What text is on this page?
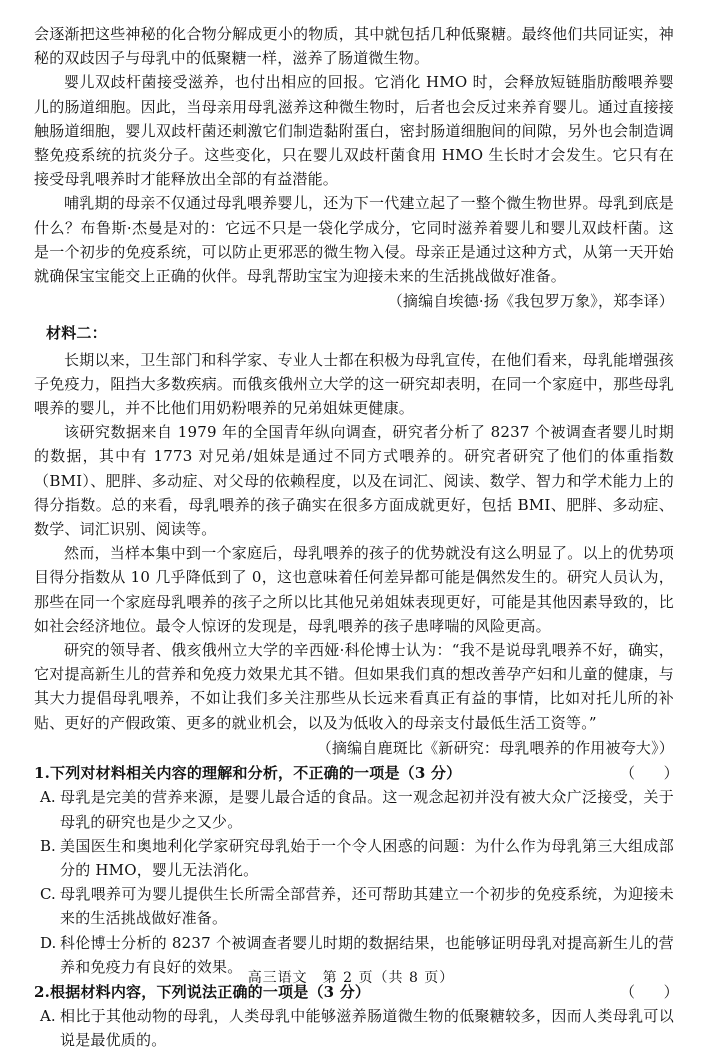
会逐渐把这些神秘的化合物分解成更小的物质，其中就包括几种低聚糖。最终他们共同证实，神秘的双歧因子与母乳中的低聚糖一样，滋养了肠道微生物。

婴儿双歧杆菌接受滋养，也付出相应的回报。它消化 HMO 时，会释放短链脂肪酸喂养婴儿的肠道细胞。因此，当母亲用母乳滋养这种微生物时，后者也会反过来养育婴儿。通过直接接触肠道细胞，婴儿双歧杆菌还刺激它们制造黏附蛋白，密封肠道细胞间的间隙，另外也会制造调整免疫系统的抗炎分子。这些变化，只在婴儿双歧杆菌食用 HMO 生长时才会发生。它只有在接受母乳喂养时才能释放出全部的有益潜能。

哺乳期的母亲不仅通过母乳喂养婴儿，还为下一代建立起了一整个微生物世界。母乳到底是什么？布鲁斯·杰曼是对的：它远不只是一袋化学成分，它同时滋养着婴儿和婴儿双歧杆菌。这是一个初步的免疫系统，可以防止更邪恶的微生物入侵。母亲正是通过这种方式，从第一天开始就确保宝宝能交上正确的伙伴。母乳帮助宝宝为迎接未来的生活挑战做好准备。

（摘编自埃德·扬《我包罗万象》，郑李译）

材料二：

长期以来，卫生部门和科学家、专业人士都在积极为母乳宣传，在他们看来，母乳能增强孩子免疫力，阻挡大多数疾病。而俄亥俄州立大学的这一研究却表明，在同一个家庭中，那些母乳喂养的婴儿，并不比他们用奶粉喂养的兄弟姐妹更健康。

该研究数据来自 1979 年的全国青年纵向调查，研究者分析了 8237 个被调查者婴儿时期的数据，其中有 1773 对兄弟/姐妹是通过不同方式喂养的。研究者研究了他们的体重指数（BMI）、肥胖、多动症、对父母的依赖程度，以及在词汇、阅读、数学、智力和学术能力上的得分指数。总的来看，母乳喂养的孩子确实在很多方面成就更好，包括 BMI、肥胖、多动症、数学、词汇识别、阅读等。

然而，当样本集中到一个家庭后，母乳喂养的孩子的优势就没有这么明显了。以上的优势项目得分指数从 10 几乎降低到了 0，这也意味着任何差异都可能是偶然发生的。研究人员认为，那些在同一个家庭母乳喂养的孩子之所以比其他兄弟姐妹表现更好，可能是其他因素导致的，比如社会经济地位。最令人惊讶的发现是，母乳喂养的孩子患哮喘的风险更高。

研究的领导者、俄亥俄州立大学的辛西娅·科伦博士认为：“我不是说母乳喂养不好，确实，它对提高新生儿的营养和免疫力效果尤其不错。但如果我们真的想改善孕产妇和儿童的健康，与其大力提倡母乳喂养，不如让我们多关注那些从长远来看真正有益的事情，比如对托儿所的补贴、更好的产假政策、更多的就业机会，以及为低收入的母亲支付最低生活工资等。”

（摘编自鹿斑比《新研究：母乳喂养的作用被夸大》）

1.下列对材料相关内容的理解和分析，不正确的一项是（3 分）	（      ）
A. 母乳是完美的营养来源，是婴儿最合适的食品。这一观念起初并没有被大众广泛接受，关于母乳的研究也是少之又少。

B. 美国医生和奥地利化学家研究母乳始于一个令人困惑的问题：为什么作为母乳第三大组成部分的 HMO，婴儿无法消化。

C. 母乳喂养可为婴儿提供生长所需全部营养，还可帮助其建立一个初步的免疫系统，为迎接未来的生活挑战做好准备。

D. 科伦博士分析的 8237 个被调查者婴儿时期的数据结果，也能够证明母乳对提高新生儿的营养和免疫力有良好的效果。

2.根据材料内容，下列说法正确的一项是（3 分）	（      ）
A. 相比于其他动物的母乳，人类母乳中能够滋养肠道微生物的低聚糖较多，因而人类母乳可以说是最优质的。

高三语文　第 2 页（共 8 页）
